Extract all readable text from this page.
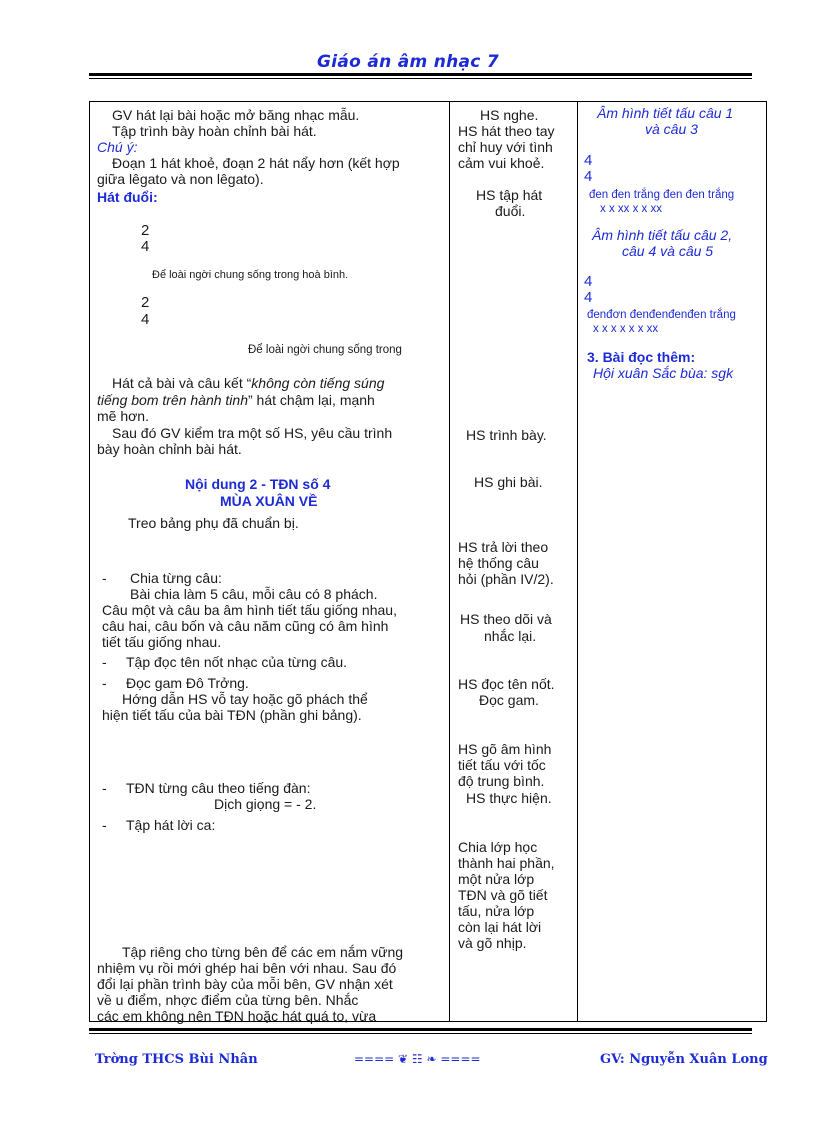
Giáo án âm nhạc 7
GV hát lại bài hoặc mở băng nhạc mẫu.
Tập trình bày hoàn chỉnh bài hát.
Chú ý:
Đoạn 1 hát khoẻ, đoạn 2 hát nẩy hơn (kết hợp
giữa lêgato và non lêgato).
Hát đuổi:
2
4
Để loài ngời chung sống trong hoà bình.
2
4
Để loài ngời chung sống trong
Hát cả bài và câu kết “không còn tiếng súng
tiếng bom trên hành tinh” hát chậm lại, mạnh
mẽ hơn.
Sau đó GV kiểm tra một số HS, yêu cầu trình
bày hoàn chỉnh bài hát.
Nội dung 2 - TĐN số 4
MÙA XUÂN VỀ
Treo bảng phụ đã chuẩn bị.
- Chia từng câu:
Bài chia làm 5 câu, mỗi câu có 8 phách.
Câu một và câu ba âm hình tiết tấu giống nhau,
câu hai, câu bốn và câu năm cũng có âm hình
tiết tấu giống nhau.
- Tập đọc tên nốt nhạc của từng câu.
- Đọc gam Đô Trởng.
Hớng dẫn HS vỗ tay hoặc gõ phách thể
hiện tiết tấu của bài TĐN (phần ghi bảng).
- TĐN từng câu theo tiếng đàn:
Dịch giọng = - 2.
- Tập hát lời ca:
Tập riêng cho từng bên để các em nắm vững
nhiệm vụ rồi mới ghép hai bên với nhau. Sau đó
đổi lại phần trình bày của mỗi bên, GV nhận xét
về u điểm, nhợc điểm của từng bên. Nhắc
các em không nên TĐN hoặc hát quá to, vừa
HS nghe.
HS hát theo tay
chỉ huy với tình
cảm vui khoẻ.
HS tập hát
đuổi.
HS trình bày.
HS ghi bài.
HS trả lời theo
hệ thống câu
hỏi (phần IV/2).
HS theo dõi và
nhắc lại.
HS đọc tên nốt.
Đọc gam.
HS gõ âm hình
tiết tấu với tốc
độ trung bình.
HS thực hiện.
Chia lớp học
thành hai phần,
một nửa lớp
TĐN và gõ tiết
tấu, nửa lớp
còn lại hát lời
và gõ nhịp.
Âm hình tiết tấu câu 1
và câu 3
4
4
đen đen trắng đen đen trắng
x x xx x x xx
Âm hình tiết tấu câu 2,
câu 4 và câu 5
4
4
đenđơn đenđenđenđen trắng
x x x x x x xx
3. Bài đọc thêm:
Hội xuân Sắc bùa: sgk
Trờng THCS Bùi Nhân	==== ❦ ☷ ❧ ====	GV: Nguyễn Xuân Long
